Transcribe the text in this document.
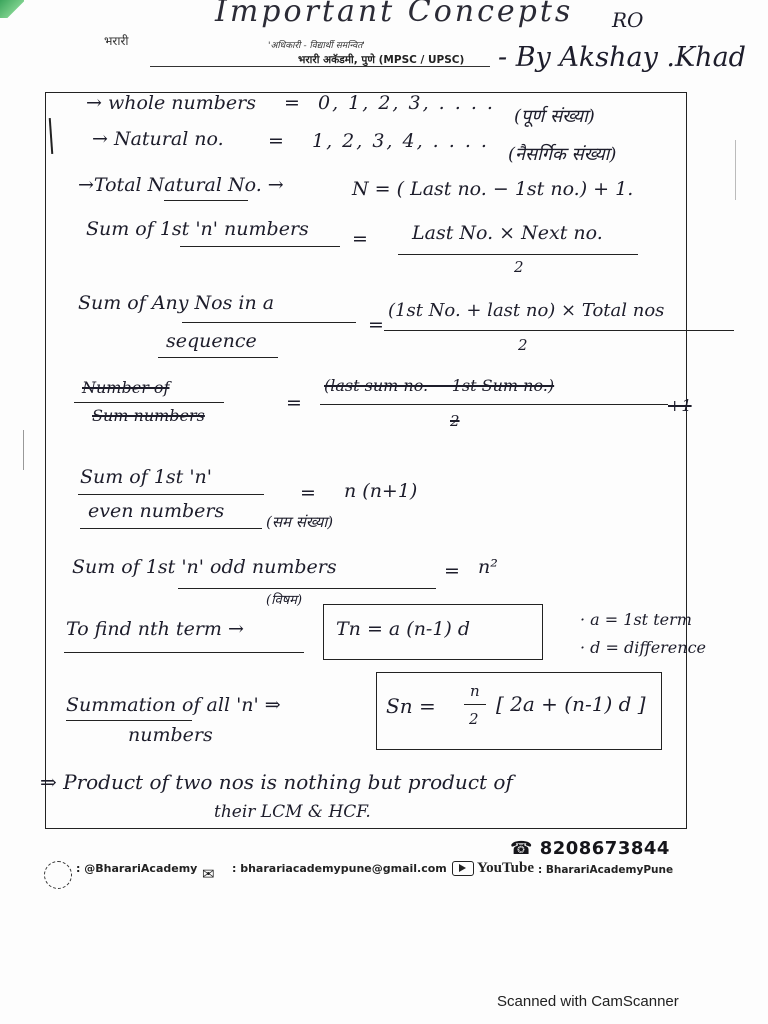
Important Concepts RO
भरारी	'अधिकारी - विद्यार्थी समन्वित'
भरारी अकॅडमी, पुणे (MPSC / UPSC) - By Akshay .Khad
→ whole numbers = 0, 1, 2, 3, . . . .
(पूर्ण संख्या)
→ Natural no. = 1, 2, 3, 4, . . . .
(नैसर्गिक संख्या)
→Total Natural No. →	N = ( Last no. − 1st no.) + 1.
Sum of 1st 'n' numbers = Last No. × Next no.
2
Sum of Any Nos in a
sequence
=
(1st No. + last no) × Total nos
2
Number of
Sum numbers
=
(last sum no. − 1st Sum no.)
2
+1
Sum of 1st 'n'
even numbers	(सम संख्या)
= n (n+1)
Sum of 1st 'n' odd numbers
(विषम)
= n²
To find nth term →	Tn = a (n-1) d	· a = 1st term
· d = difference
Summation of all 'n' ⇒
numbers
Sn =
n
2
[ 2a + (n-1) d ]
⇒ Product of two nos is nothing but product of
their LCM & HCF.
☎ 8208673844
: @BharariAcademy ✉ : bharariacademypune@gmail.com	YouTube : BharariAcademyPune
Scanned with CamScanner
